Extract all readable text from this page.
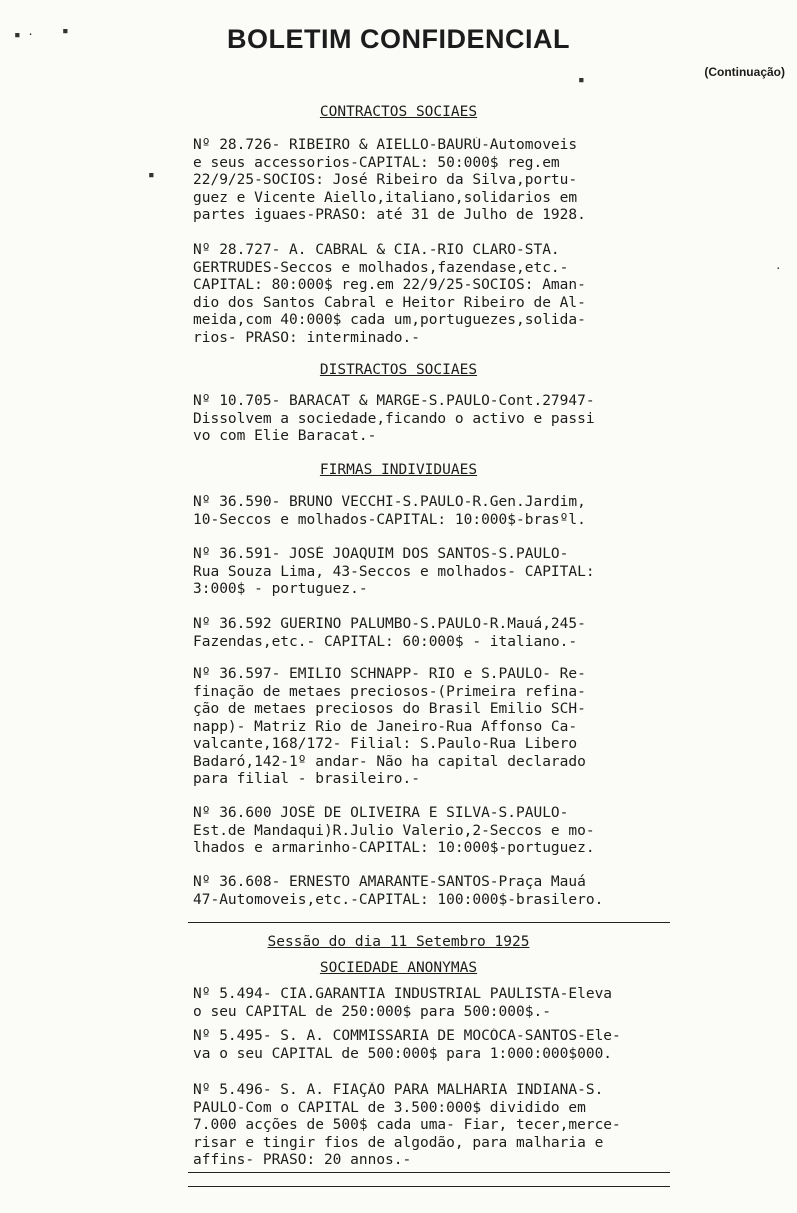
▪ ·	▪
▪
·
▪
BOLETIM CONFIDENCIAL
(Continuação)
CONTRACTOS SOCIAES
Nº 28.726- RIBEIRO & AIELLO-BAURÚ-Automoveis
e seus accessorios-CAPITAL: 50:000$ reg.em
22/9/25-SOCIOS: José Ribeiro da Silva,portu-
guez e Vicente Aiello,italiano,solidarios em
partes iguaes-PRASO: até 31 de Julho de 1928.
Nº 28.727- A. CABRAL & CIA.-RIO CLARO-STA.
GERTRUDES-Seccos e molhados,fazendase,etc.-
CAPITAL: 80:000$ reg.em 22/9/25-SOCIOS: Aman-
dio dos Santos Cabral e Heitor Ribeiro de Al-
meida,com 40:000$ cada um,portuguezes,solida-
rios- PRASO: interminado.-
DISTRACTOS SOCIAES
Nº 10.705- BARACAT & MARGE-S.PAULO-Cont.27947-
Dissolvem a sociedade,ficando o activo e passi
vo com Elie Baracat.-
FIRMAS INDIVIDUAES
Nº 36.590- BRUNO VECCHI-S.PAULO-R.Gen.Jardim,
10-Seccos e molhados-CAPITAL: 10:000$-brasºl.
Nº 36.591- JOSÉ JOAQUIM DOS SANTOS-S.PAULO-
Rua Souza Lima, 43-Seccos e molhados- CAPITAL:
3:000$ - portuguez.-
Nº 36.592 GUERINO PALUMBO-S.PAULO-R.Mauá,245-
Fazendas,etc.- CAPITAL: 60:000$ - italiano.-
Nº 36.597- EMILIO SCHNAPP- RIO e S.PAULO- Re-
finação de metaes preciosos-(Primeira refina-
ção de metaes preciosos do Brasil Emilio SCH-
napp)- Matriz Rio de Janeiro-Rua Affonso Ca-
valcante,168/172- Filial: S.Paulo-Rua Libero
Badaró,142-1º andar- Não ha capital declarado
para filial - brasileiro.-
Nº 36.600 JOSÉ DE OLIVEIRA E SILVA-S.PAULO-
Est.de Mandaqui)R.Julio Valerio,2-Seccos e mo-
lhados e armarinho-CAPITAL: 10:000$-portuguez.
Nº 36.608- ERNESTO AMARANTE-SANTOS-Praça Mauá
47-Automoveis,etc.-CAPITAL: 100:000$-brasilero.
Sessão do dia 11 Setembro 1925
SOCIEDADE ANONYMAS
Nº 5.494- CIA.GARANTIA INDUSTRIAL PAULISTA-Eleva
o seu CAPITAL de 250:000$ para 500:000$.-
Nº 5.495- S. A. COMMISSARIA DE MOCÓCA-SANTOS-Ele-
va o seu CAPITAL de 500:000$ para 1:000:000$000.
Nº 5.496- S. A. FIAÇÃO PARA MALHARIA INDIANA-S.
PAULO-Com o CAPITAL de 3.500:000$ dividido em
7.000 acções de 500$ cada uma- Fiar, tecer,merce-
risar e tingir fios de algodão, para malharia e
affins- PRASO: 20 annos.-
